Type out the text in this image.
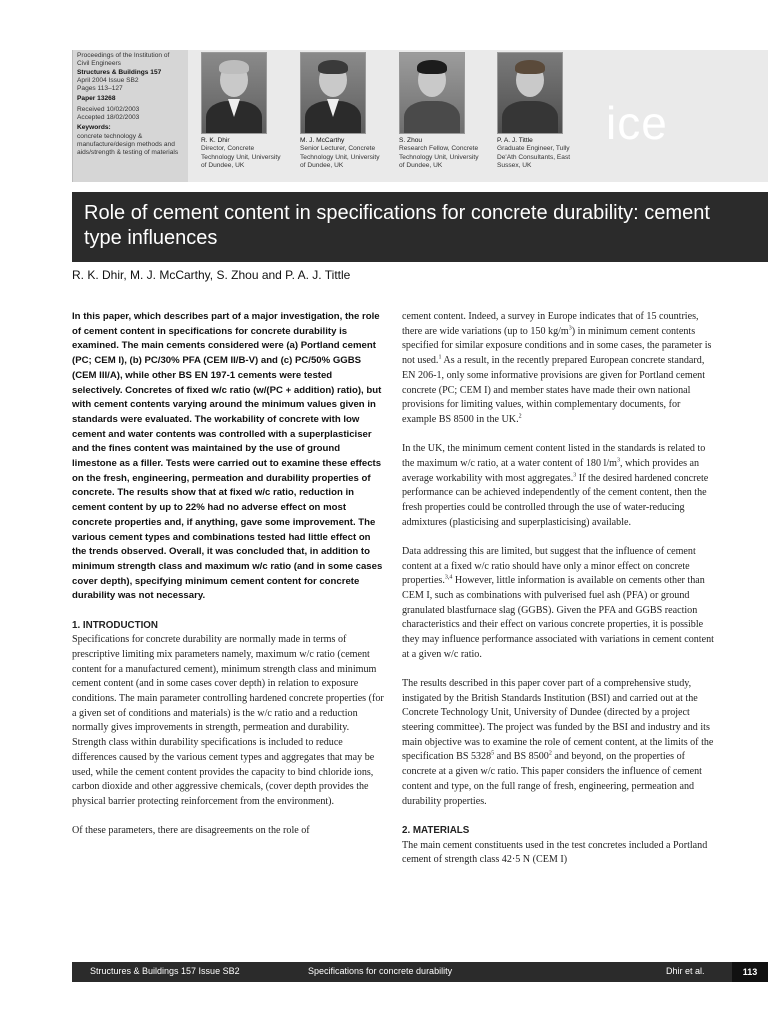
Proceedings of the Institution of
Civil Engineers
Structures & Buildings 157
April 2004 Issue SB2
Pages 113–127
Paper 13268
Received 10/02/2003
Accepted 18/02/2003
Keywords:
concrete technology &
manufacture/design methods and
aids/strength & testing of materials
R. K. Dhir
Director, Concrete
Technology Unit, University
of Dundee, UK
M. J. McCarthy
Senior Lecturer, Concrete
Technology Unit, University
of Dundee, UK
S. Zhou
Research Fellow, Concrete
Technology Unit, University
of Dundee, UK
P. A. J. Tittle
Graduate Engineer, Tully
De'Ath Consultants, East
Sussex, UK
ice
Role of cement content in specifications for concrete durability: cement type influences
R. K. Dhir, M. J. McCarthy, S. Zhou and P. A. J. Tittle

In this paper, which describes part of a major investigation, the role of cement content in specifications for concrete durability is examined. The main cements considered were (a) Portland cement (PC; CEM I), (b) PC/30% PFA (CEM II/B-V) and (c) PC/50% GGBS (CEM III/A), while other BS EN 197-1 cements were tested selectively. Concretes of fixed w/c ratio (w/(PC + addition) ratio), but with cement contents varying around the minimum values given in standards were evaluated. The workability of concrete with low cement and water contents was controlled with a superplasticiser and the fines content was maintained by the use of ground limestone as a filler. Tests were carried out to examine these effects on the fresh, engineering, permeation and durability properties of concrete. The results show that at fixed w/c ratio, reduction in cement content by up to 22% had no adverse effect on most concrete properties and, if anything, gave some improvement. The various cement types and combinations tested had little effect on the trends observed. Overall, it was concluded that, in addition to minimum strength class and maximum w/c ratio (and in some cases cover depth), specifying minimum cement content for concrete durability was not necessary.

1. INTRODUCTION

Specifications for concrete durability are normally made in terms of prescriptive limiting mix parameters namely, maximum w/c ratio (cement content for a manufactured cement), minimum strength class and minimum cement content (and in some cases cover depth) in relation to exposure conditions. The main parameter controlling hardened concrete properties (for a given set of conditions and materials) is the w/c ratio and a reduction normally gives improvements in strength, permeation and durability. Strength class within durability specifications is included to reduce differences caused by the various cement types and aggregates that may be used, while the cement content provides the capacity to bind chloride ions, carbon dioxide and other aggressive chemicals, (cover depth provides the physical barrier protecting reinforcement from the environment).

Of these parameters, there are disagreements on the role of

cement content. Indeed, a survey in Europe indicates that of 15 countries, there are wide variations (up to 150 $kg/m^3$) in minimum cement contents specified for similar exposure conditions and in some cases, the parameter is not used.$^1$ As a result, in the recently prepared European concrete standard, EN 206-1, only some informative provisions are given for Portland cement concrete (PC; CEM I) and member states have made their own national provisions for limiting values, within complementary documents, for example BS 8500 in the UK.$^2$

In the UK, the minimum cement content listed in the standards is related to the maximum w/c ratio, at a water content of 180 $l/m^3$, which provides an average workability with most aggregates.$^3$ If the desired hardened concrete performance can be achieved independently of the cement content, then the fresh properties could be controlled through the use of water-reducing admixtures (plasticising and superplasticising) available.

Data addressing this are limited, but suggest that the influence of cement content at a fixed w/c ratio should have only a minor effect on concrete properties.$^{3,4}$ However, little information is available on cements other than CEM I, such as combinations with pulverised fuel ash (PFA) or ground granulated blastfurnace slag (GGBS). Given the PFA and GGBS reaction characteristics and their effect on various concrete properties, it is possible they may influence performance associated with variations in cement content at a given w/c ratio.

The results described in this paper cover part of a comprehensive study, instigated by the British Standards Institution (BSI) and carried out at the Concrete Technology Unit, University of Dundee (directed by a project steering committee). The project was funded by the BSI and industry and its main objective was to examine the role of cement content, at the limits of the specification BS 5328$^5$ and BS 8500$^2$ and beyond, on the properties of concrete at a given w/c ratio. This paper considers the influence of cement content and type, on the full range of fresh, engineering, permeation and durability properties.

2. MATERIALS

The main cement constituents used in the test concretes included a Portland cement of strength class 42·5 N (CEM I)

Structures & Buildings 157 Issue SB2	Specifications for concrete durability	Dhir et al.	113
